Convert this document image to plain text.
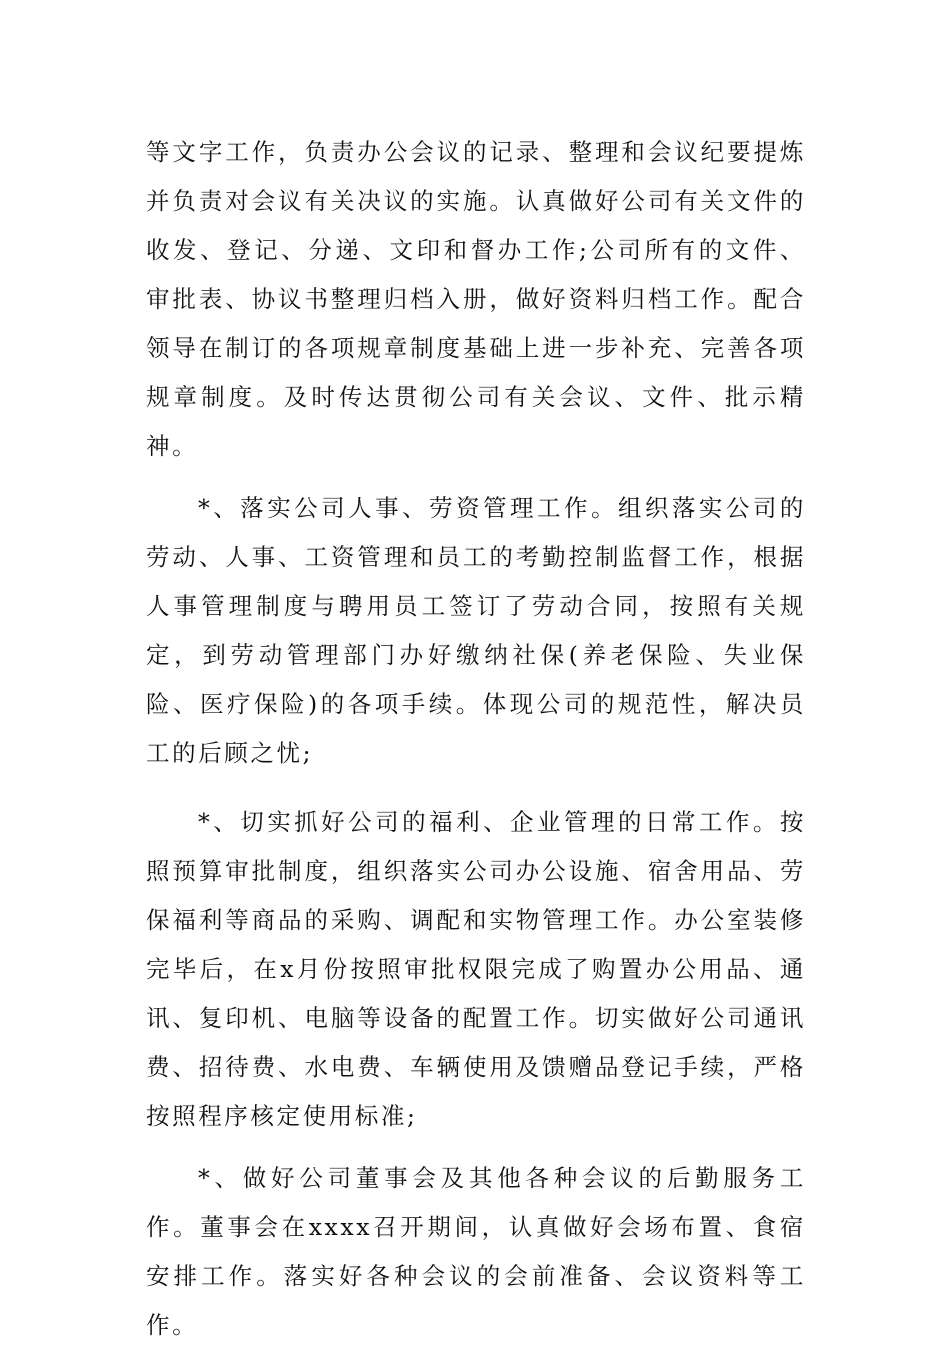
等文字工作，负责办公会议的记录、整理和会议纪要提炼并负责对会议有关决议的实施。认真做好公司有关文件的收发、登记、分递、文印和督办工作;公司所有的文件、审批表、协议书整理归档入册，做好资料归档工作。配合领导在制订的各项规章制度基础上进一步补充、完善各项规章制度。及时传达贯彻公司有关会议、文件、批示精神。

*、落实公司人事、劳资管理工作。组织落实公司的劳动、人事、工资管理和员工的考勤控制监督工作，根据人事管理制度与聘用员工签订了劳动合同，按照有关规定，到劳动管理部门办好缴纳社保(养老保险、失业保险、医疗保险)的各项手续。体现公司的规范性，解决员工的后顾之忧;

*、切实抓好公司的福利、企业管理的日常工作。按照预算审批制度，组织落实公司办公设施、宿舍用品、劳保福利等商品的采购、调配和实物管理工作。办公室装修完毕后，在x月份按照审批权限完成了购置办公用品、通讯、复印机、电脑等设备的配置工作。切实做好公司通讯费、招待费、水电费、车辆使用及馈赠品登记手续，严格按照程序核定使用标准;

*、做好公司董事会及其他各种会议的后勤服务工作。董事会在xxxx召开期间，认真做好会场布置、食宿安排工作。落实好各种会议的会前准备、会议资料等工作。
